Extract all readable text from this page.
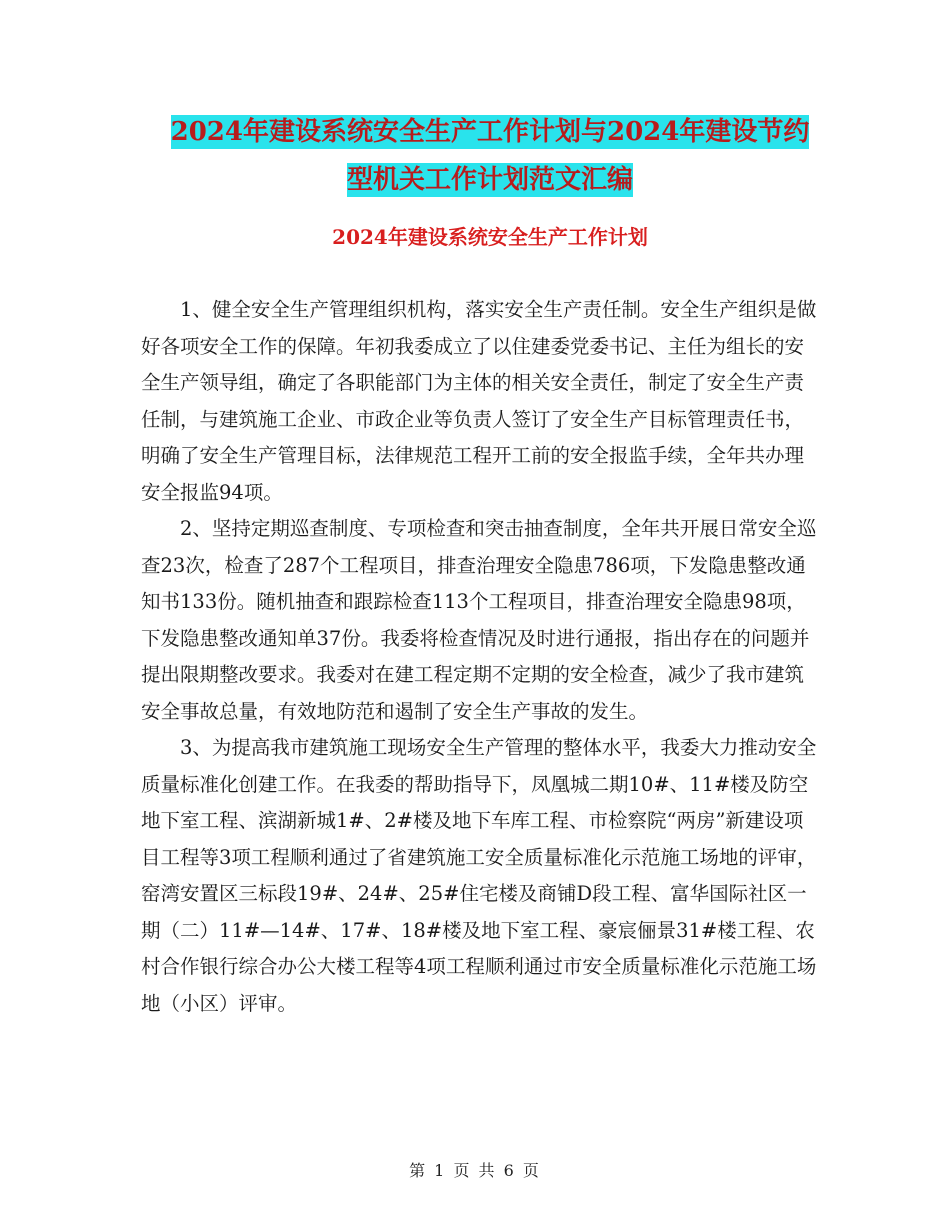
2024年建设系统安全生产工作计划与2024年建设节约
型机关工作计划范文汇编
2024年建设系统安全生产工作计划

1、健全安全生产管理组织机构，落实安全生产责任制。安全生产组织是做好各项安全工作的保障。年初我委成立了以住建委党委书记、主任为组长的安全生产领导组，确定了各职能部门为主体的相关安全责任，制定了安全生产责任制，与建筑施工企业、市政企业等负责人签订了安全生产目标管理责任书，明确了安全生产管理目标，法律规范工程开工前的安全报监手续，全年共办理安全报监94项。

2、坚持定期巡查制度、专项检查和突击抽查制度，全年共开展日常安全巡查23次，检查了287个工程项目，排查治理安全隐患786项，下发隐患整改通知书133份。随机抽查和跟踪检查113个工程项目，排查治理安全隐患98项，下发隐患整改通知单37份。我委将检查情况及时进行通报，指出存在的问题并提出限期整改要求。我委对在建工程定期不定期的安全检查，减少了我市建筑安全事故总量，有效地防范和遏制了安全生产事故的发生。

3、为提高我市建筑施工现场安全生产管理的整体水平，我委大力推动安全质量标准化创建工作。在我委的帮助指导下，凤凰城二期10#、11#楼及防空地下室工程、滨湖新城1#、2#楼及地下车库工程、市检察院“两房”新建设项目工程等3项工程顺利通过了省建筑施工安全质量标准化示范施工场地的评审，窑湾安置区三标段19#、24#、25#住宅楼及商铺D段工程、富华国际社区一期（二）11#—14#、17#、18#楼及地下室工程、豪宸俪景31#楼工程、农村合作银行综合办公大楼工程等4项工程顺利通过市安全质量标准化示范施工场地（小区）评审。

第 1 页 共 6 页
